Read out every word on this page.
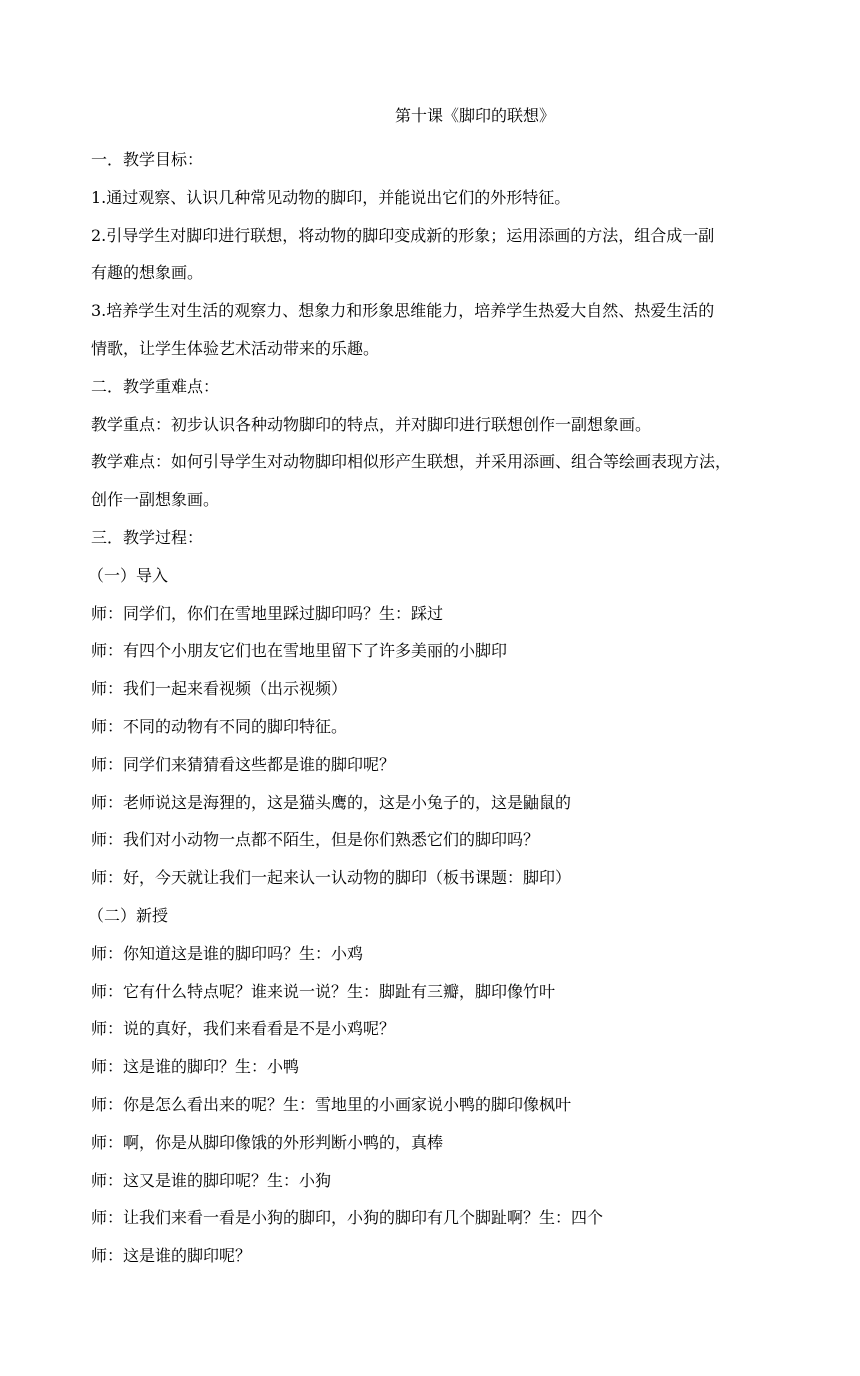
第十课《脚印的联想》
一．教学目标：
1.通过观察、认识几种常见动物的脚印，并能说出它们的外形特征。
2.引导学生对脚印进行联想，将动物的脚印变成新的形象；运用添画的方法，组合成一副
有趣的想象画。
3.培养学生对生活的观察力、想象力和形象思维能力，培养学生热爱大自然、热爱生活的
情歌，让学生体验艺术活动带来的乐趣。
二．教学重难点：
教学重点：初步认识各种动物脚印的特点，并对脚印进行联想创作一副想象画。
教学难点：如何引导学生对动物脚印相似形产生联想，并采用添画、组合等绘画表现方法，
创作一副想象画。
三．教学过程：
（一）导入
师：同学们，你们在雪地里踩过脚印吗？生：踩过
师：有四个小朋友它们也在雪地里留下了许多美丽的小脚印
师：我们一起来看视频（出示视频）
师：不同的动物有不同的脚印特征。
师：同学们来猜猜看这些都是谁的脚印呢？
师：老师说这是海狸的，这是猫头鹰的，这是小兔子的，这是鼬鼠的
师：我们对小动物一点都不陌生，但是你们熟悉它们的脚印吗？
师：好，今天就让我们一起来认一认动物的脚印（板书课题：脚印）
（二）新授
师：你知道这是谁的脚印吗？生：小鸡
师：它有什么特点呢？谁来说一说？生：脚趾有三瓣，脚印像竹叶
师：说的真好，我们来看看是不是小鸡呢？
师：这是谁的脚印？生：小鸭
师：你是怎么看出来的呢？生：雪地里的小画家说小鸭的脚印像枫叶
师：啊，你是从脚印像饿的外形判断小鸭的，真棒
师：这又是谁的脚印呢？生：小狗
师：让我们来看一看是小狗的脚印，小狗的脚印有几个脚趾啊？生：四个
师：这是谁的脚印呢？
